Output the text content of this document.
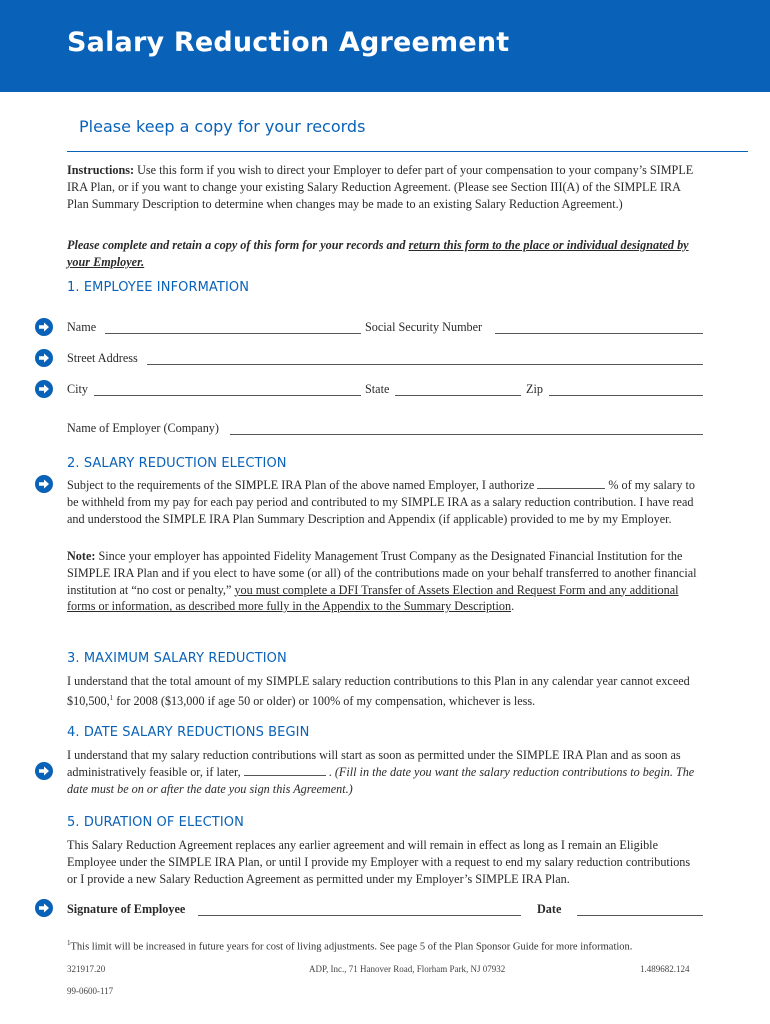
Salary Reduction Agreement

Please keep a copy for your records

Instructions: Use this form if you wish to direct your Employer to defer part of your compensation to your company’s SIMPLE IRA Plan, or if you want to change your existing Salary Reduction Agreement. (Please see Section III(A) of the SIMPLE IRA Plan Summary Description to determine when changes may be made to an existing Salary Reduction Agreement.)

Please complete and retain a copy of this form for your records and return this form to the place or individual designated by your Employer.

1. EMPLOYEE INFORMATION
Name	Social Security Number
Street Address
City	State	Zip
Name of Employer (Company)
2. SALARY REDUCTION ELECTION

Subject to the requirements of the SIMPLE IRA Plan of the above named Employer, I authorize	% of my salary to be withheld from my pay for each pay period and contributed to my SIMPLE IRA as a salary reduction contribution. I have read and understood the SIMPLE IRA Plan Summary Description and Appendix (if applicable) provided to me by my Employer.

Note: Since your employer has appointed Fidelity Management Trust Company as the Designated Financial Institution for the SIMPLE IRA Plan and if you elect to have some (or all) of the contributions made on your behalf transferred to another financial institution at “no cost or penalty,” you must complete a DFI Transfer of Assets Election and Request Form and any additional forms or information, as described more fully in the Appendix to the Summary Description.

3. MAXIMUM SALARY REDUCTION

I understand that the total amount of my SIMPLE salary reduction contributions to this Plan in any calendar year cannot exceed $10,500,$^1$ for 2008 ($13,000 if age 50 or older) or 100% of my compensation, whichever is less.

4. DATE SALARY REDUCTIONS BEGIN

I understand that my salary reduction contributions will start as soon as permitted under the SIMPLE IRA Plan and as soon as administratively feasible or, if later,	. (Fill in the date you want the salary reduction contributions to begin. The date must be on or after the date you sign this Agreement.)

5. DURATION OF ELECTION

This Salary Reduction Agreement replaces any earlier agreement and will remain in effect as long as I remain an Eligible Employee under the SIMPLE IRA Plan, or until I provide my Employer with a request to end my salary reduction contributions or I provide a new Salary Reduction Agreement as permitted under my Employer’s SIMPLE IRA Plan.

Signature of Employee	Date
$^1$This limit will be increased in future years for cost of living adjustments. See page 5 of the Plan Sponsor Guide for more information.
321917.20	ADP, Inc., 71 Hanover Road, Florham Park, NJ 07932	1.489682.124
99-0600-117
